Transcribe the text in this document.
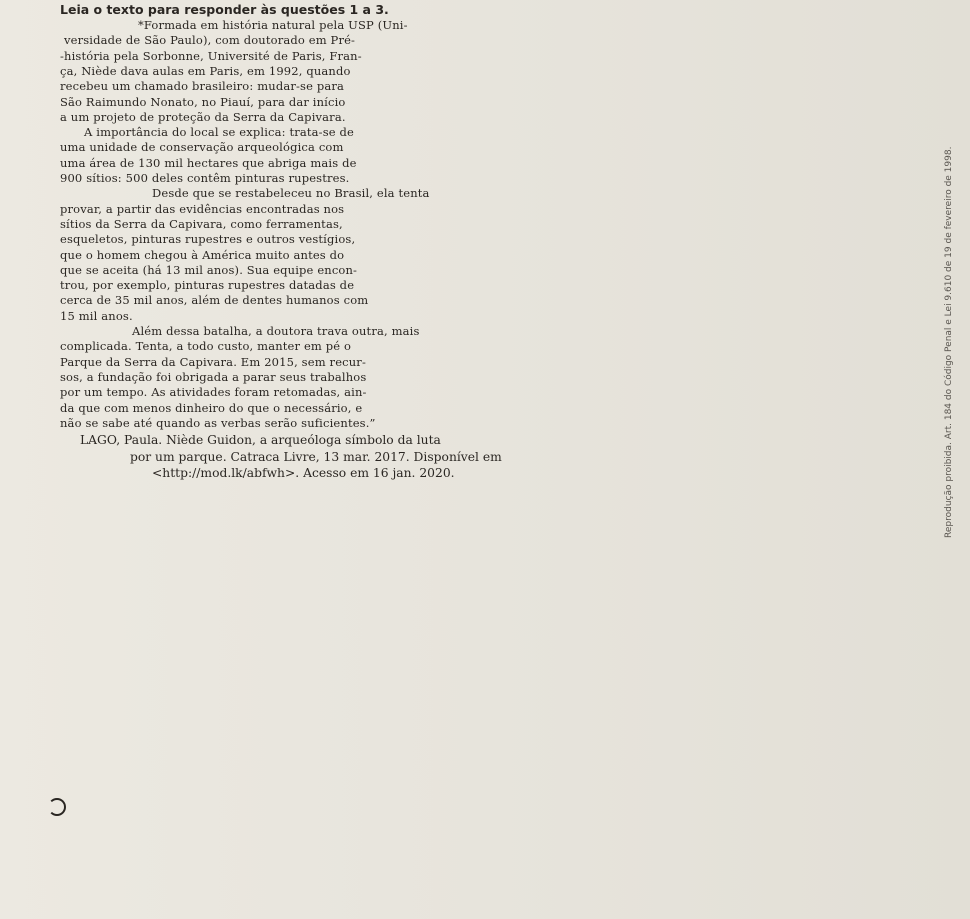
Leia o texto para responder às questões 1 a 3.
*Formada em história natural pela USP (Uni-
versidade de São Paulo), com doutorado em Pré-
-história pela Sorbonne, Université de Paris, Fran-
ça, Niède dava aulas em Paris, em 1992, quando
recebeu um chamado brasileiro: mudar-se para
São Raimundo Nonato, no Piauí, para dar início
a um projeto de proteção da Serra da Capivara.
A importância do local se explica: trata-se de
uma unidade de conservação arqueológica com
uma área de 130 mil hectares que abriga mais de
900 sítios: 500 deles contêm pinturas rupestres.
Desde que se restabeleceu no Brasil, ela tenta
provar, a partir das evidências encontradas nos
sítios da Serra da Capivara, como ferramentas,
esqueletos, pinturas rupestres e outros vestígios,
que o homem chegou à América muito antes do
que se aceita (há 13 mil anos). Sua equipe encon-
trou, por exemplo, pinturas rupestres datadas de
cerca de 35 mil anos, além de dentes humanos com
15 mil anos.
Além dessa batalha, a doutora trava outra, mais
complicada. Tenta, a todo custo, manter em pé o
Parque da Serra da Capivara. Em 2015, sem recur-
sos, a fundação foi obrigada a parar seus trabalhos
por um tempo. As atividades foram retomadas, ain-
da que com menos dinheiro do que o necessário, e
não se sabe até quando as verbas serão suficientes.”
LAGO, Paula. Niède Guidon, a arqueóloga símbolo da luta
por um parque. Catraca Livre, 13 mar. 2017. Disponível em
<http://mod.lk/abfwh>. Acesso em 16 jan. 2020.	Reprodução proibida. Art. 184 do Código Penal e Lei 9.610 de 19 de fevereiro de 1998.
